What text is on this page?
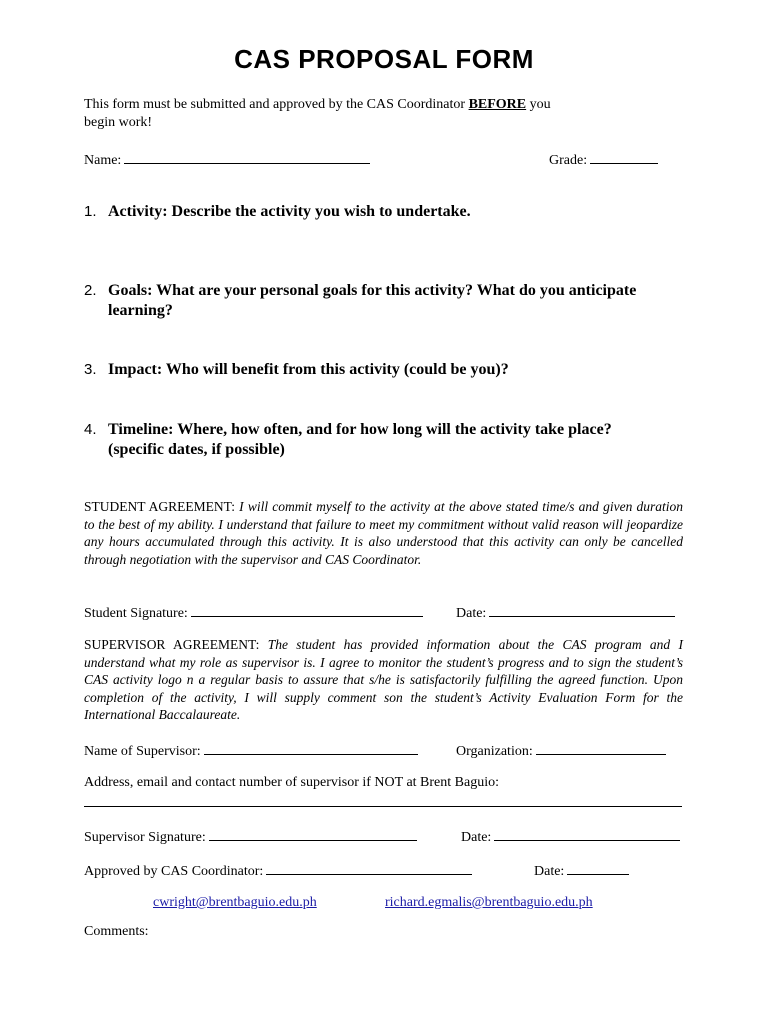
CAS PROPOSAL FORM
This form must be submitted and approved by the CAS Coordinator BEFORE you
begin work!
Name:	Grade:
1. Activity: Describe the activity you wish to undertake.
2. Goals: What are your personal goals for this activity? What do you anticipate
learning?
3. Impact: Who will benefit from this activity (could be you)?
4. Timeline: Where, how often, and for how long will the activity take place?
(specific dates, if possible)
STUDENT AGREEMENT: I will commit myself to the activity at the above stated time/s and given duration to the best of my ability. I understand that failure to meet my commitment without valid reason will jeopardize any hours accumulated through this activity. It is also understood that this activity can only be cancelled through negotiation with the supervisor and CAS Coordinator.
Student Signature:	Date:
SUPERVISOR AGREEMENT: The student has provided information about the CAS program and I understand what my role as supervisor is. I agree to monitor the student’s progress and to sign the student’s CAS activity logo n a regular basis to assure that s/he is satisfactorily fulfilling the agreed function. Upon completion of the activity, I will supply comment son the student’s Activity Evaluation Form for the International Baccalaureate.
Name of Supervisor:	Organization:
Address, email and contact number of supervisor if NOT at Brent Baguio:
Supervisor Signature:	Date:
Approved by CAS Coordinator:	Date:
cwright@brentbaguio.edu.ph	richard.egmalis@brentbaguio.edu.ph
Comments:
